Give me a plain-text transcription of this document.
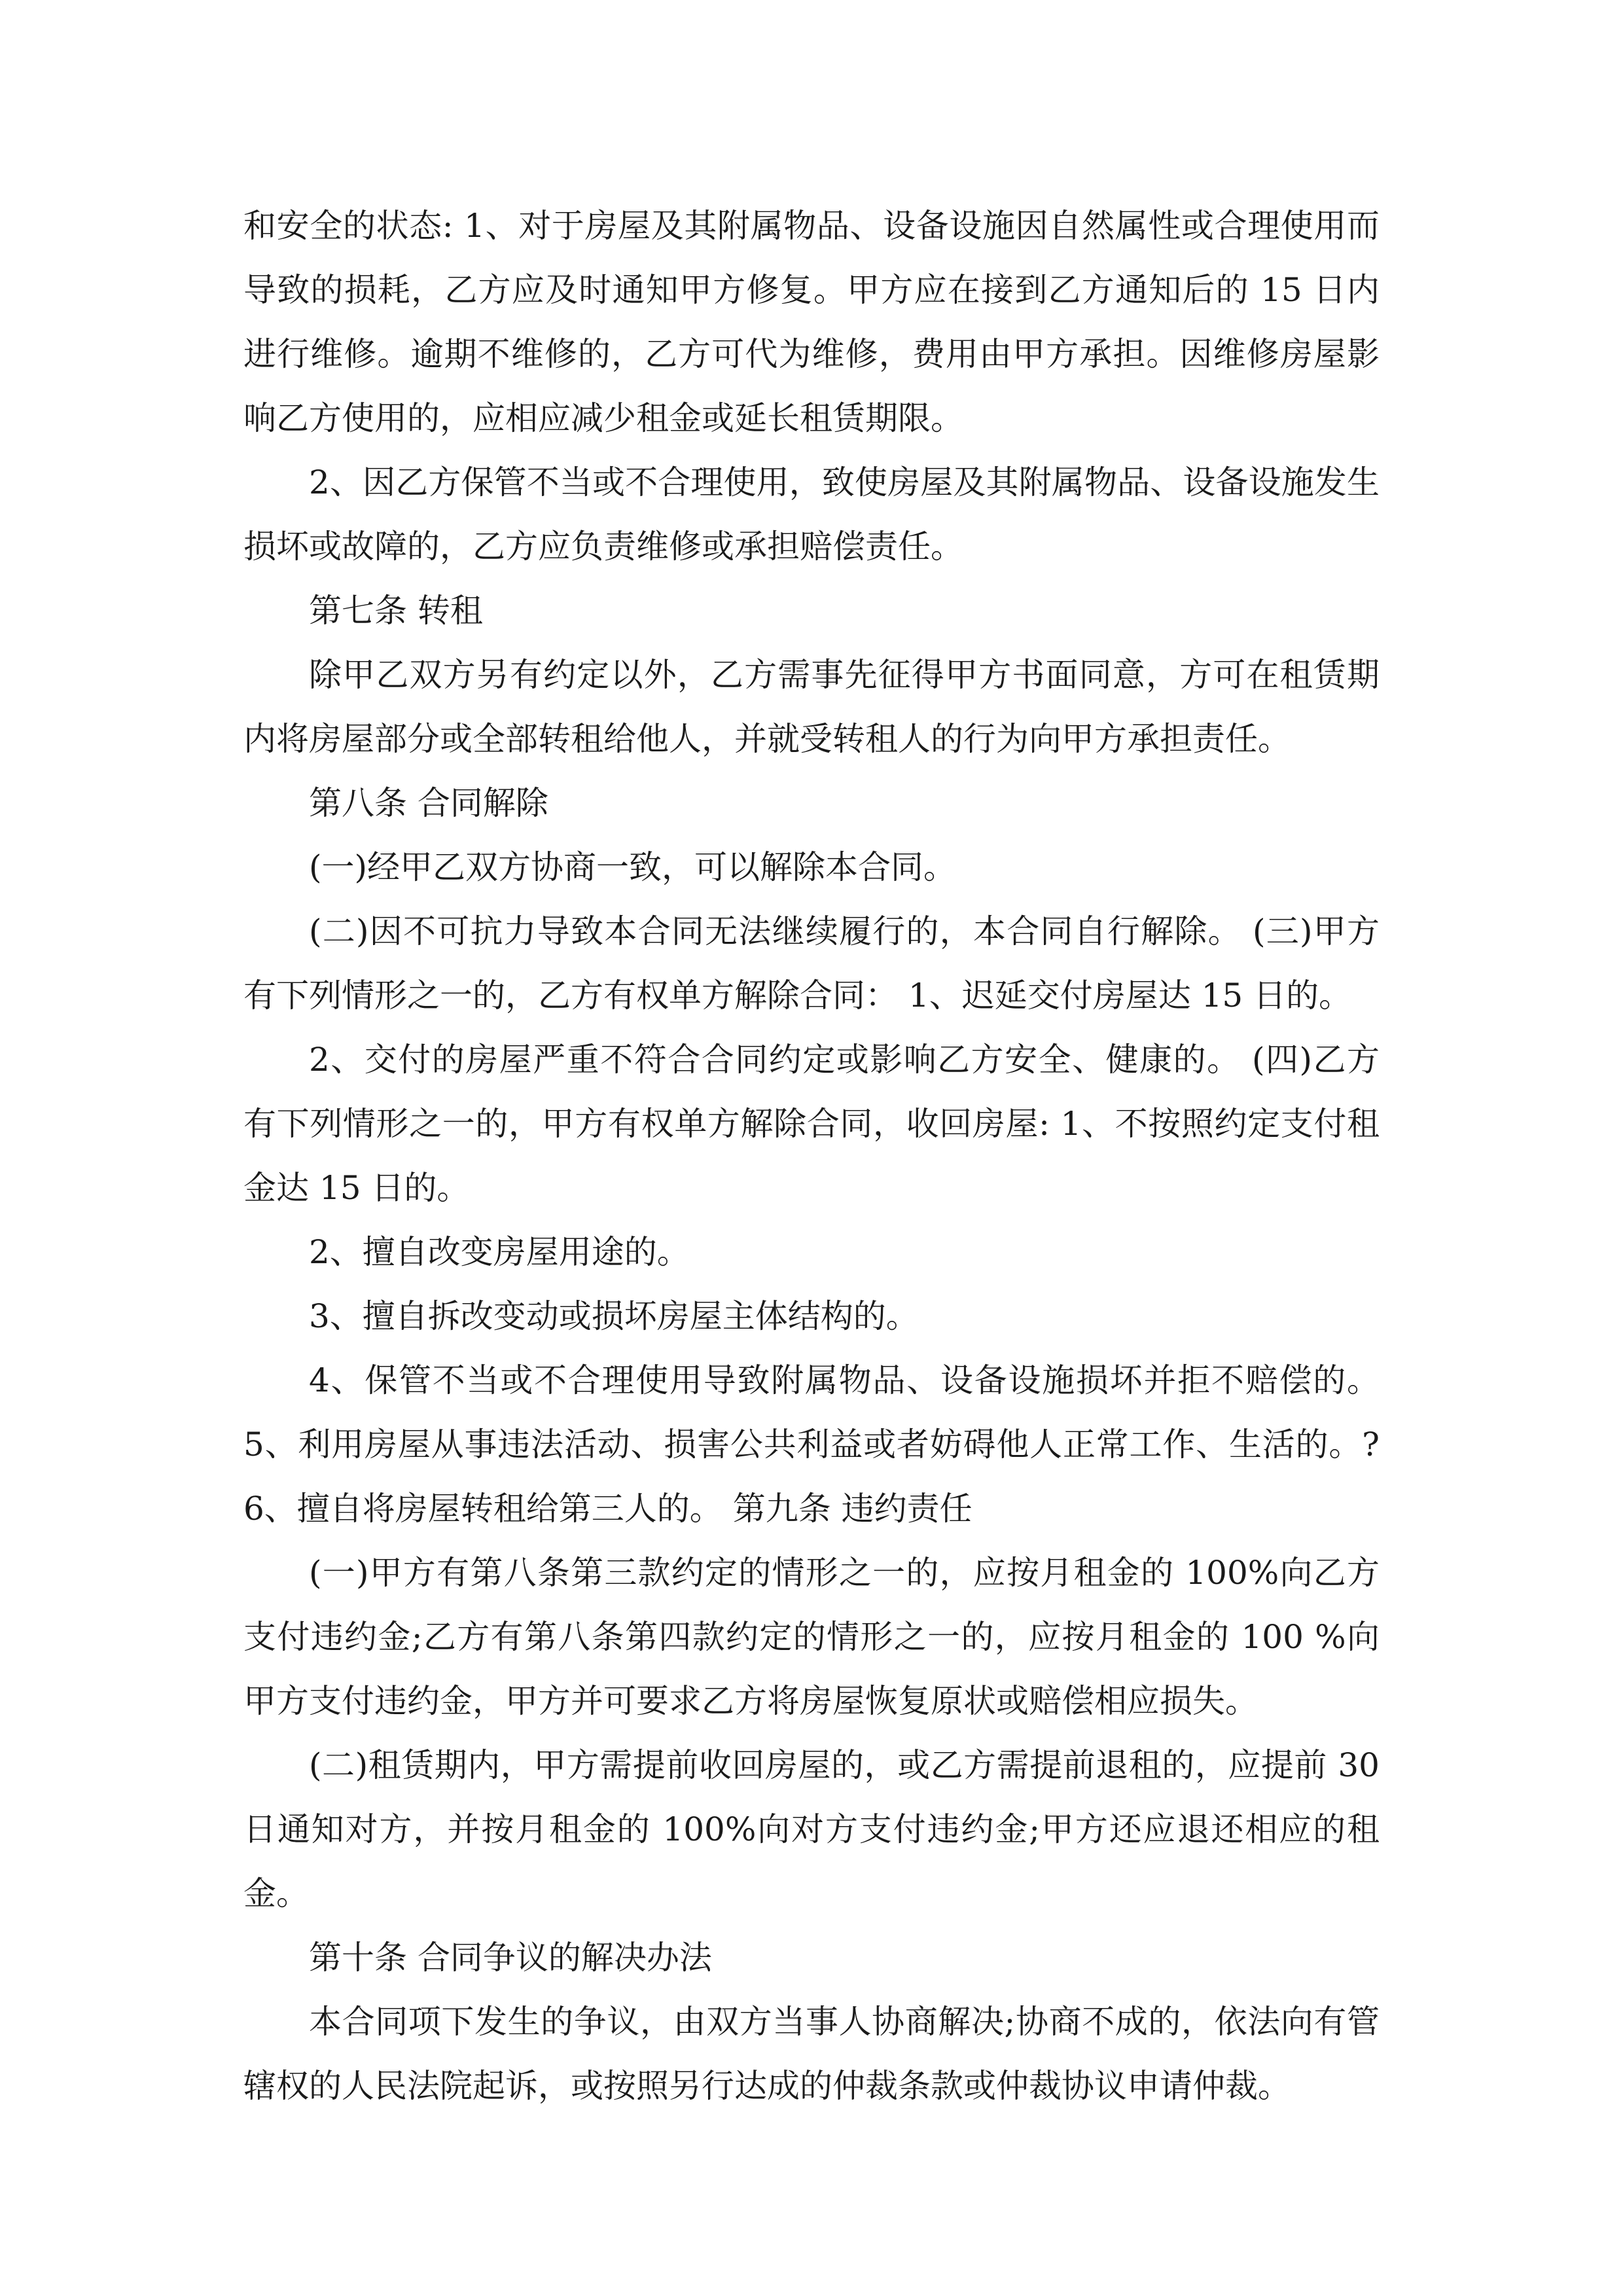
和安全的状态: 1、对于房屋及其附属物品、设备设施因自然属性或合理使用而导致的损耗，乙方应及时通知甲方修复。甲方应在接到乙方通知后的 15 日内进行维修。逾期不维修的，乙方可代为维修，费用由甲方承担。因维修房屋影响乙方使用的，应相应减少租金或延长租赁期限。

2、因乙方保管不当或不合理使用，致使房屋及其附属物品、设备设施发生损坏或故障的，乙方应负责维修或承担赔偿责任。

第七条 转租

除甲乙双方另有约定以外，乙方需事先征得甲方书面同意，方可在租赁期内将房屋部分或全部转租给他人，并就受转租人的行为向甲方承担责任。

第八条 合同解除

(一)经甲乙双方协商一致，可以解除本合同。

(二)因不可抗力导致本合同无法继续履行的，本合同自行解除。 (三)甲方有下列情形之一的，乙方有权单方解除合同： 1、迟延交付房屋达 15 日的。

2、交付的房屋严重不符合合同约定或影响乙方安全、健康的。 (四)乙方有下列情形之一的，甲方有权单方解除合同，收回房屋: 1、不按照约定支付租金达 15 日的。

2、擅自改变房屋用途的。

3、擅自拆改变动或损坏房屋主体结构的。

4、保管不当或不合理使用导致附属物品、设备设施损坏并拒不赔偿的。 5、利用房屋从事违法活动、损害公共利益或者妨碍他人正常工作、生活的。? 6、擅自将房屋转租给第三人的。 第九条 违约责任

(一)甲方有第八条第三款约定的情形之一的，应按月租金的 100%向乙方支付违约金;乙方有第八条第四款约定的情形之一的，应按月租金的 100 %向甲方支付违约金，甲方并可要求乙方将房屋恢复原状或赔偿相应损失。

(二)租赁期内，甲方需提前收回房屋的，或乙方需提前退租的，应提前 30 日通知对方，并按月租金的 100%向对方支付违约金;甲方还应退还相应的租金。

第十条 合同争议的解决办法

本合同项下发生的争议，由双方当事人协商解决;协商不成的，依法向有管辖权的人民法院起诉，或按照另行达成的仲裁条款或仲裁协议申请仲裁。
